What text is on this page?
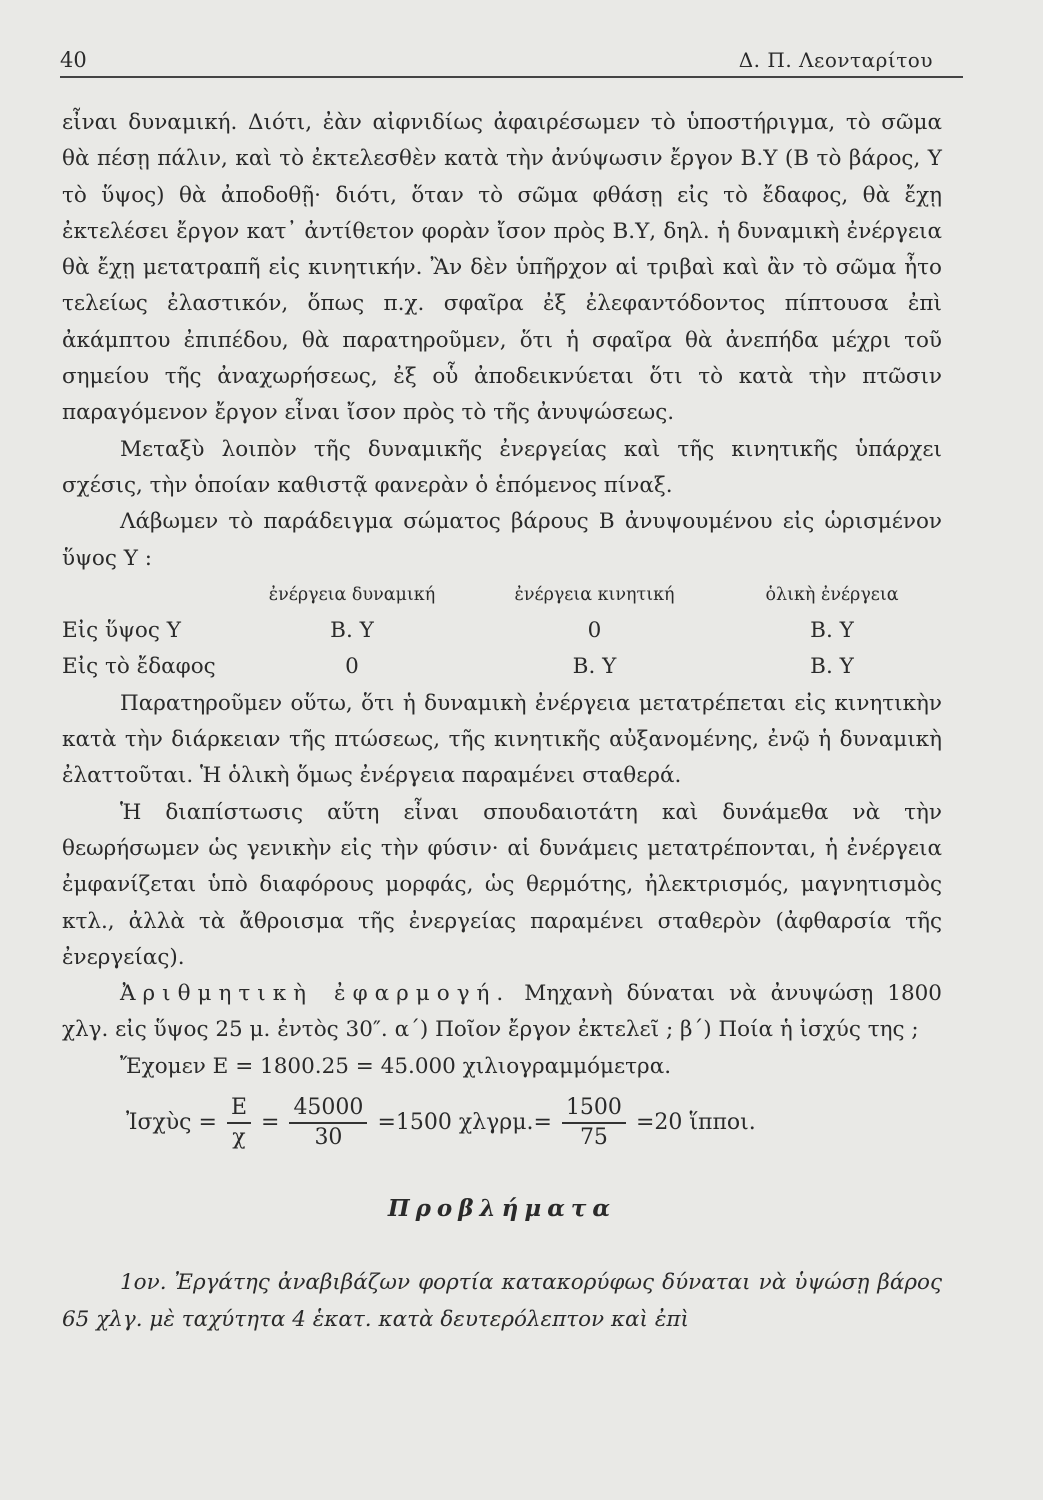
40	Δ. Π. Λεονταρίτου

εἶναι δυναμική. Διότι, ἐὰν αἰφνιδίως ἀφαιρέσωμεν τὸ ὑποστήριγμα, τὸ σῶμα θὰ πέσῃ πάλιν, καὶ τὸ ἐκτελεσθὲν κατὰ τὴν ἀνύψωσιν ἔργον Β.Υ (Β τὸ βάρος, Υ τὸ ὕψος) θὰ ἀποδοθῇ· διότι, ὅταν τὸ σῶμα φθάσῃ εἰς τὸ ἔδαφος, θὰ ἔχῃ ἐκτελέσει ἔργον κατ᾽ ἀντίθετον φορὰν ἴσον πρὸς Β.Υ, δηλ. ἡ δυναμικὴ ἐνέργεια θὰ ἔχῃ μετατραπῆ εἰς κινητικήν. Ἂν δὲν ὑπῆρχον αἱ τριβαὶ καὶ ἂν τὸ σῶμα ἦτο τελείως ἐλαστικόν, ὅπως π.χ. σφαῖρα ἐξ ἐλεφαντόδοντος πίπτουσα ἐπὶ ἀκάμπτου ἐπιπέδου, θὰ παρατηροῦμεν, ὅτι ἡ σφαῖρα θὰ ἀνεπήδα μέχρι τοῦ σημείου τῆς ἀναχωρήσεως, ἐξ οὗ ἀποδεικνύεται ὅτι τὸ κατὰ τὴν πτῶσιν παραγόμενον ἔργον εἶναι ἴσον πρὸς τὸ τῆς ἀνυψώσεως.

Μεταξὺ λοιπὸν τῆς δυναμικῆς ἐνεργείας καὶ τῆς κινητικῆς ὑπάρχει σχέσις, τὴν ὁποίαν καθιστᾷ φανερὰν ὁ ἑπόμενος πίναξ.

Λάβωμεν τὸ παράδειγμα σώματος βάρους Β ἀνυψουμένου εἰς ὡρισμένον ὕψος Υ :

	ἐνέργεια δυναμική	ἐνέργεια κινητική	ὁλικὴ ἐνέργεια
Εἰς ὕψος Υ	Β. Υ	0	Β. Υ
Εἰς τὸ ἔδαφος	0	Β. Υ	Β. Υ

Παρατηροῦμεν οὕτω, ὅτι ἡ δυναμικὴ ἐνέργεια μετατρέπεται εἰς κινητικὴν κατὰ τὴν διάρκειαν τῆς πτώσεως, τῆς κινητικῆς αὐξανομένης, ἐνῷ ἡ δυναμικὴ ἐλαττοῦται. Ἡ ὁλικὴ ὅμως ἐνέργεια παραμένει σταθερά.

Ἡ διαπίστωσις αὕτη εἶναι σπουδαιοτάτη καὶ δυνάμεθα νὰ τὴν θεωρήσωμεν ὡς γενικὴν εἰς τὴν φύσιν· αἱ δυνάμεις μετατρέπονται, ἡ ἐνέργεια ἐμφανίζεται ὑπὸ διαφόρους μορφάς, ὡς θερμότης, ἠλεκτρισμός, μαγνητισμὸς κτλ., ἀλλὰ τὰ ἄθροισμα τῆς ἐνεργείας παραμένει σταθερὸν (ἀφθαρσία τῆς ἐνεργείας).

Ἀριθμητικὴ ἐφαρμογή. Μηχανὴ δύναται νὰ ἀνυψώσῃ 1800 χλγ. εἰς ὕψος 25 μ. ἐντὸς 30″. α΄) Ποῖον ἔργον ἐκτελεῖ ; β΄) Ποία ἡ ἰσχύς της ;

Ἔχομεν Ε = 1800.25 = 45.000 χιλιογραμμόμετρα.

Ἰσχὺς = $\frac{E}{\chi} = \frac{45000}{30} =1500$ $\chi\lambda\gamma\rho\mu.= \frac{1500}{75} =20$ ἵπποι.
Προβλήματα

1ον. Ἐργάτης ἀναβιβάζων φορτία κατακορύφως δύναται νὰ ὑψώσῃ βάρος 65 χλγ. μὲ ταχύτητα 4 ἑκατ. κατὰ δευτερόλεπτον καὶ ἐπὶ
